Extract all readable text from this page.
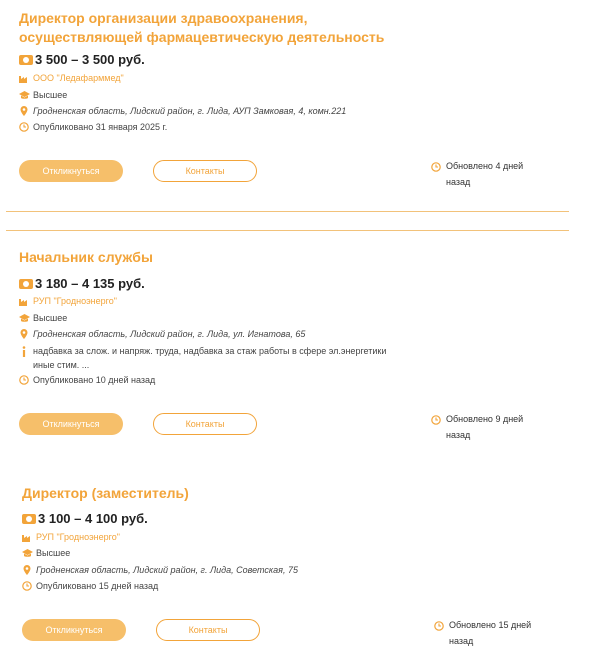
Директор организации здравоохранения, осуществляющей фармацевтическую деятельность
3 500 – 3 500 руб.
ООО "Ледафарммед"
Высшее
Гродненская область, Лидский район, г. Лида, АУП Замковая, 4, комн.221
Опубликовано 31 января 2025 г.
Откликнуться	Контакты	Обновлено 4 дней назад
Начальник службы
3 180 – 4 135 руб.
РУП "Гродноэнерго"
Высшее
Гродненская область, Лидский район, г. Лида, ул. Игнатова, 65
надбавка за слож. и напряж. труда, надбавка за стаж работы в сфере эл.энергетики иные стим. ...
Опубликовано 10 дней назад
Откликнуться	Контакты	Обновлено 9 дней назад
Директор (заместитель)
3 100 – 4 100 руб.
РУП "Гродноэнерго"
Высшее
Гродненская область, Лидский район, г. Лида, Советская, 75
Опубликовано 15 дней назад
Откликнуться	Контакты	Обновлено 15 дней назад
